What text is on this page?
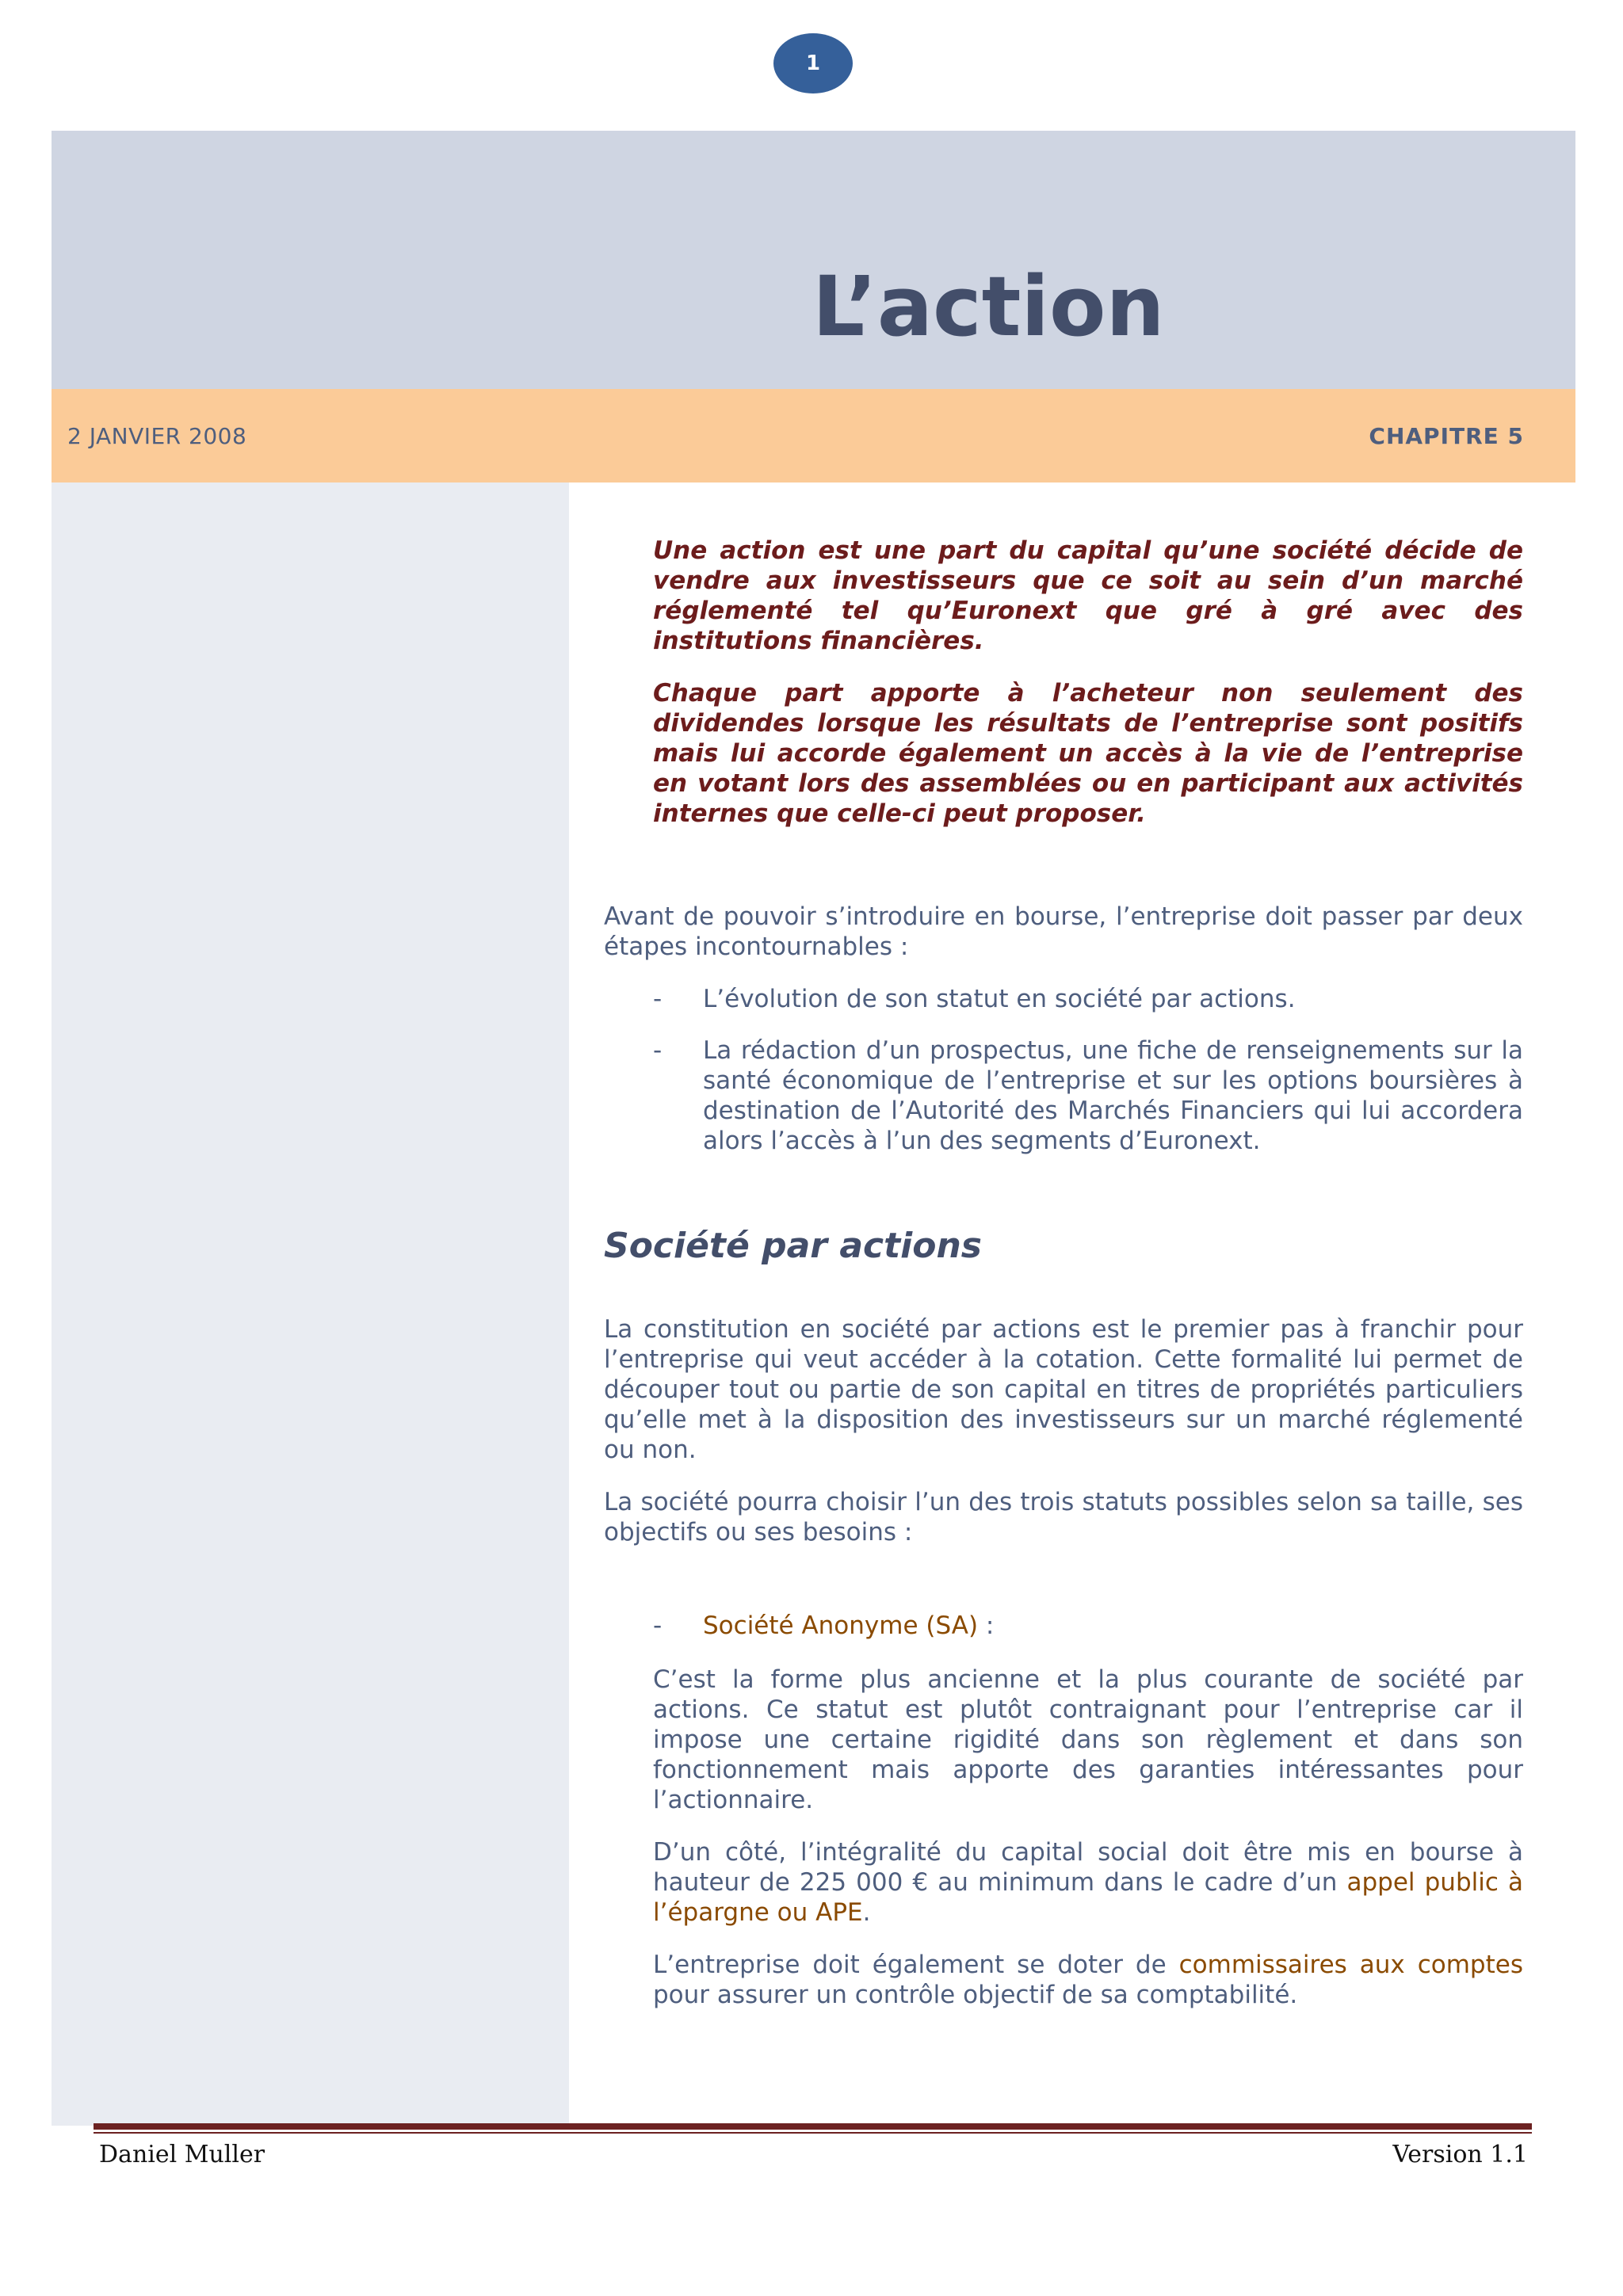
1
L’action
2 JANVIER 2008	CHAPITRE 5

Une action est une part du capital qu’une société décide de vendre aux investisseurs que ce soit au sein d’un marché réglementé tel qu’Euronext que gré à gré avec des institutions financières.

Chaque part apporte à l’acheteur non seulement des dividendes lorsque les résultats de l’entreprise sont positifs mais lui accorde également un accès à la vie de l’entreprise en votant lors des assemblées ou en participant aux activités internes que celle-ci peut proposer.

Avant de pouvoir s’introduire en bourse, l’entreprise doit passer par deux étapes incontournables :

- L’évolution de son statut en société par actions.
- La rédaction d’un prospectus, une fiche de renseignements sur la santé économique de l’entreprise et sur les options boursières à destination de l’Autorité des Marchés Financiers qui lui accordera alors l’accès à l’un des segments d’Euronext.
Société par actions

La constitution en société par actions est le premier pas à franchir pour l’entreprise qui veut accéder à la cotation. Cette formalité lui permet de découper tout ou partie de son capital en titres de propriétés particuliers qu’elle met à la disposition des investisseurs sur un marché réglementé ou non.

La société pourra choisir l’un des trois statuts possibles selon sa taille, ses objectifs ou ses besoins :

- Société Anonyme (SA) :

C’est la forme plus ancienne et la plus courante de société par actions. Ce statut est plutôt contraignant pour l’entreprise car il impose une certaine rigidité dans son règlement et dans son fonctionnement mais apporte des garanties intéressantes pour l’actionnaire.

D’un côté, l’intégralité du capital social doit être mis en bourse à hauteur de 225 000 € au minimum dans le cadre d’un appel public à l’épargne ou APE.

L’entreprise doit également se doter de commissaires aux comptes pour assurer un contrôle objectif de sa comptabilité.

Daniel Muller	Version 1.1
